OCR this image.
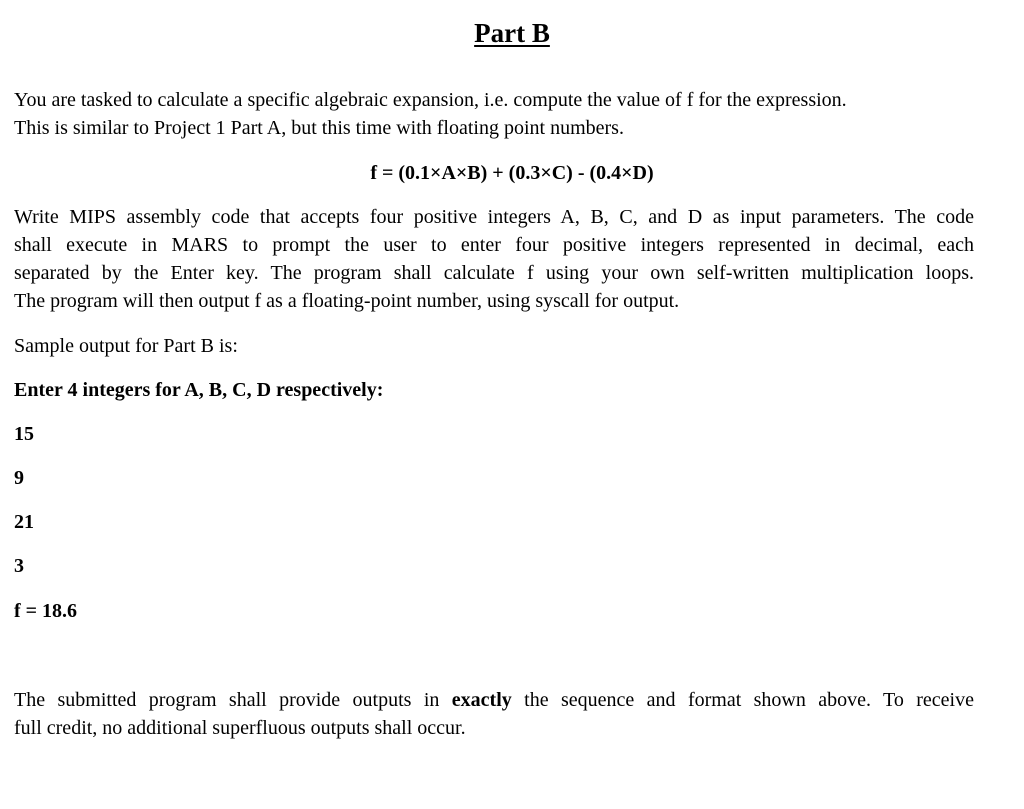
Part B
You are tasked to calculate a specific algebraic expansion, i.e. compute the value of f for the expression.
This is similar to Project 1 Part A, but this time with floating point numbers.

f = (0.1×A×B) + (0.3×C) - (0.4×D)

Write MIPS assembly code that accepts four positive integers A, B, C, and D as input parameters. The code
shall execute in MARS to prompt the user to enter four positive integers represented in decimal, each
separated by the Enter key. The program shall calculate f using your own self-written multiplication loops.
The program will then output f as a floating-point number, using syscall for output.

Sample output for Part B is:

Enter 4 integers for A, B, C, D respectively:

15

9

21

3

f = 18.6

The submitted program shall provide outputs in exactly the sequence and format shown above. To receive
full credit, no additional superfluous outputs shall occur.
